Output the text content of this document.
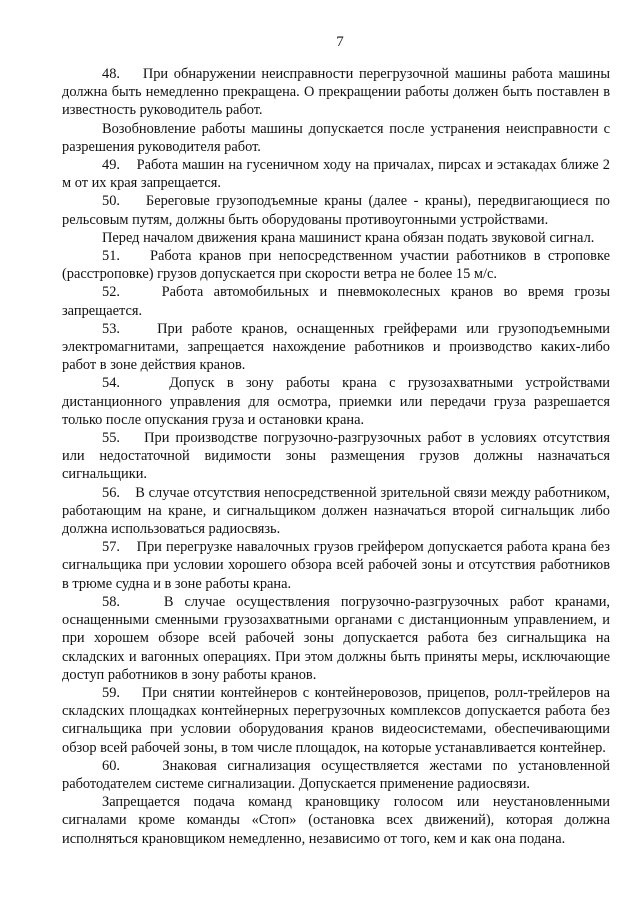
7

48.    При обнаружении неисправности перегрузочной машины работа машины должна быть немедленно прекращена. О прекращении работы должен быть поставлен в известность руководитель работ.

Возобновление работы машины допускается после устранения неисправности с разрешения руководителя работ.

49.    Работа машин на гусеничном ходу на причалах, пирсах и эстакадах ближе 2 м от их края запрещается.

50.    Береговые грузоподъемные краны (далее - краны), передвигающиеся по рельсовым путям, должны быть оборудованы противоугонными устройствами.

Перед началом движения крана машинист крана обязан подать звуковой сигнал.

51.    Работа кранов при непосредственном участии работников в строповке (расстроповке) грузов допускается при скорости ветра не более 15 м/с.

52.    Работа автомобильных и пневмоколесных кранов во время грозы запрещается.

53.    При работе кранов, оснащенных грейферами или грузоподъемными электромагнитами, запрещается нахождение работников и производство каких-либо работ в зоне действия кранов.

54.    Допуск в зону работы крана с грузозахватными устройствами дистанционного управления для осмотра, приемки или передачи груза разрешается только после опускания груза и остановки крана.

55.    При производстве погрузочно-разгрузочных работ в условиях отсутствия или недостаточной видимости зоны размещения грузов должны назначаться сигнальщики.

56.    В случае отсутствия непосредственной зрительной связи между работником, работающим на кране, и сигнальщиком должен назначаться второй сигнальщик либо должна использоваться радиосвязь.

57.    При перегрузке навалочных грузов грейфером допускается работа крана без сигнальщика при условии хорошего обзора всей рабочей зоны и отсутствия работников в трюме судна и в зоне работы крана.

58.    В случае осуществления погрузочно-разгрузочных работ кранами, оснащенными сменными грузозахватными органами с дистанционным управлением, и при хорошем обзоре всей рабочей зоны допускается работа без сигнальщика на складских и вагонных операциях. При этом должны быть приняты меры, исключающие доступ работников в зону работы кранов.

59.    При снятии контейнеров с контейнеровозов, прицепов, ролл-трейлеров на складских площадках контейнерных перегрузочных комплексов допускается работа без сигнальщика при условии оборудования кранов видеосистемами, обеспечивающими обзор всей рабочей зоны, в том числе площадок, на которые устанавливается контейнер.

60.    Знаковая сигнализация осуществляется жестами по установленной работодателем системе сигнализации. Допускается применение радиосвязи.

Запрещается подача команд крановщику голосом или неустановленными сигналами кроме команды «Стоп» (остановка всех движений), которая должна исполняться крановщиком немедленно, независимо от того, кем и как она подана.
